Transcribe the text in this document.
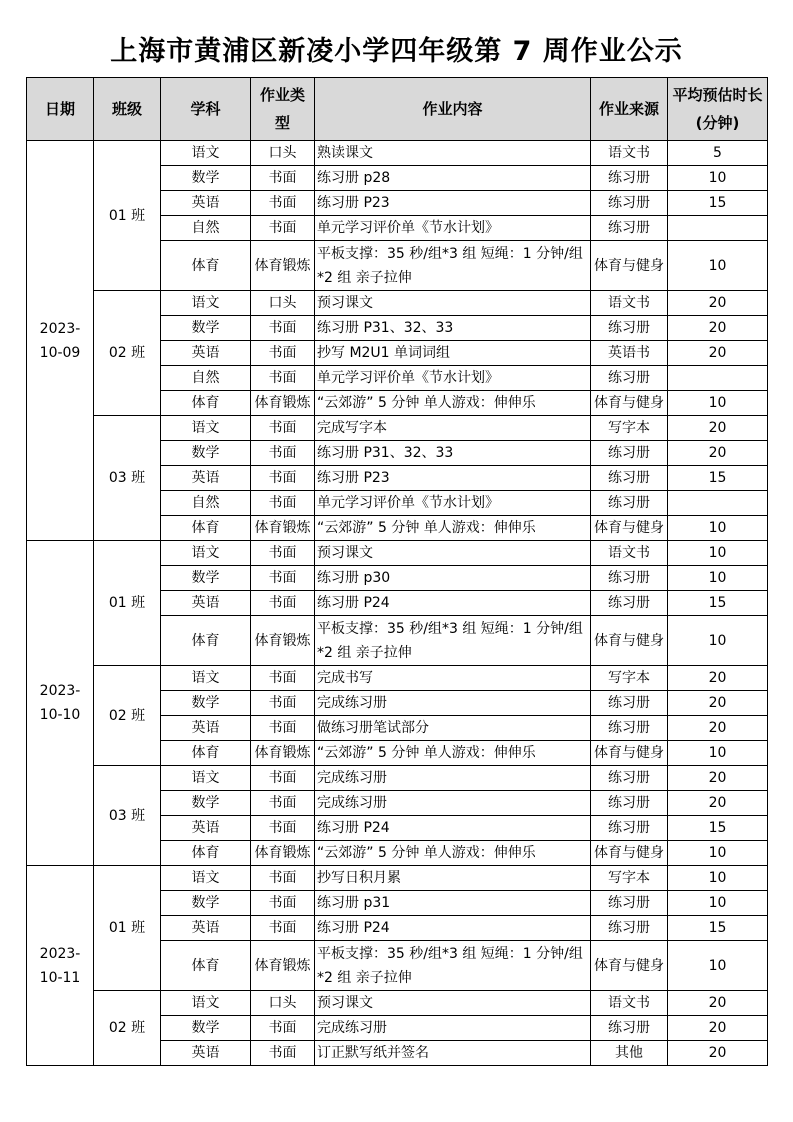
上海市黄浦区新凌小学四年级第 7 周作业公示
日期	班级	学科	作业类型	作业内容	作业来源	平均预估时长(分钟)
2023-10-09	01 班	语文	口头	熟读课文	语文书	5
		数学	书面	练习册 p28	练习册	10
		英语	书面	练习册 P23	练习册	15
		自然	书面	单元学习评价单《节水计划》	练习册	
		体育	体育锻炼	平板支撑：35 秒/组*3 组 短绳：1 分钟/组*2 组 亲子拉伸	体育与健身	10
	02 班	语文	口头	预习课文	语文书	20
		数学	书面	练习册 P31、32、33	练习册	20
		英语	书面	抄写 M2U1 单词词组	英语书	20
		自然	书面	单元学习评价单《节水计划》	练习册	
		体育	体育锻炼	“云郊游” 5 分钟 单人游戏：伸伸乐	体育与健身	10
	03 班	语文	书面	完成写字本	写字本	20
		数学	书面	练习册 P31、32、33	练习册	20
		英语	书面	练习册 P23	练习册	15
		自然	书面	单元学习评价单《节水计划》	练习册	
		体育	体育锻炼	“云郊游” 5 分钟 单人游戏：伸伸乐	体育与健身	10
2023-10-10	01 班	语文	书面	预习课文	语文书	10
		数学	书面	练习册 p30	练习册	10
		英语	书面	练习册 P24	练习册	15
		体育	体育锻炼	平板支撑：35 秒/组*3 组 短绳：1 分钟/组*2 组 亲子拉伸	体育与健身	10
	02 班	语文	书面	完成书写	写字本	20
		数学	书面	完成练习册	练习册	20
		英语	书面	做练习册笔试部分	练习册	20
		体育	体育锻炼	“云郊游” 5 分钟 单人游戏：伸伸乐	体育与健身	10
	03 班	语文	书面	完成练习册	练习册	20
		数学	书面	完成练习册	练习册	20
		英语	书面	练习册 P24	练习册	15
		体育	体育锻炼	“云郊游” 5 分钟 单人游戏：伸伸乐	体育与健身	10
2023-10-11	01 班	语文	书面	抄写日积月累	写字本	10
		数学	书面	练习册 p31	练习册	10
		英语	书面	练习册 P24	练习册	15
		体育	体育锻炼	平板支撑：35 秒/组*3 组 短绳：1 分钟/组*2 组 亲子拉伸	体育与健身	10
	02 班	语文	口头	预习课文	语文书	20
		数学	书面	完成练习册	练习册	20
		英语	书面	订正默写纸并签名	其他	20
